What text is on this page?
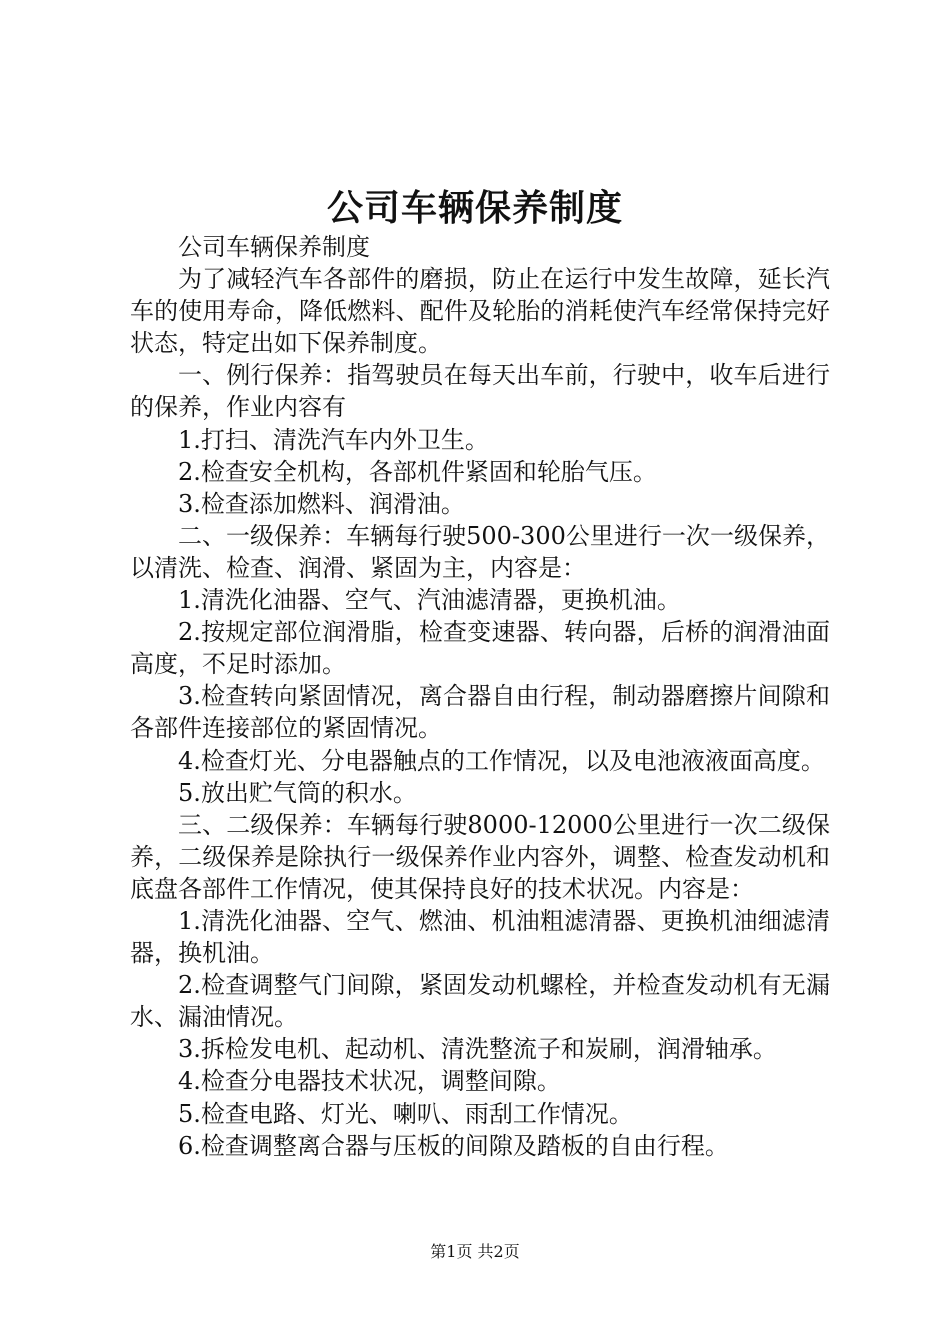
公司车辆保养制度

公司车辆保养制度

为了减轻汽车各部件的磨损，防止在运行中发生故障，延长汽车的使用寿命，降低燃料、配件及轮胎的消耗使汽车经常保持完好状态，特定出如下保养制度。

一、例行保养：指驾驶员在每天出车前，行驶中，收车后进行的保养，作业内容有

1.打扫、清洗汽车内外卫生。

2.检查安全机构，各部机件紧固和轮胎气压。

3.检查添加燃料、润滑油。

二、一级保养：车辆每行驶500-300公里进行一次一级保养，以清洗、检查、润滑、紧固为主，内容是：

1.清洗化油器、空气、汽油滤清器，更换机油。

2.按规定部位润滑脂，检查变速器、转向器，后桥的润滑油面高度，不足时添加。

3.检查转向紧固情况，离合器自由行程，制动器磨擦片间隙和各部件连接部位的紧固情况。

4.检查灯光、分电器触点的工作情况，以及电池液液面高度。

5.放出贮气筒的积水。

三、二级保养：车辆每行驶8000-12000公里进行一次二级保养，二级保养是除执行一级保养作业内容外，调整、检查发动机和底盘各部件工作情况，使其保持良好的技术状况。内容是：

1.清洗化油器、空气、燃油、机油粗滤清器、更换机油细滤清器，换机油。

2.检查调整气门间隙，紧固发动机螺栓，并检查发动机有无漏水、漏油情况。

3.拆检发电机、起动机、清洗整流子和炭刷，润滑轴承。

4.检查分电器技术状况，调整间隙。

5.检查电路、灯光、喇叭、雨刮工作情况。

6.检查调整离合器与压板的间隙及踏板的自由行程。

第1页 共2页
